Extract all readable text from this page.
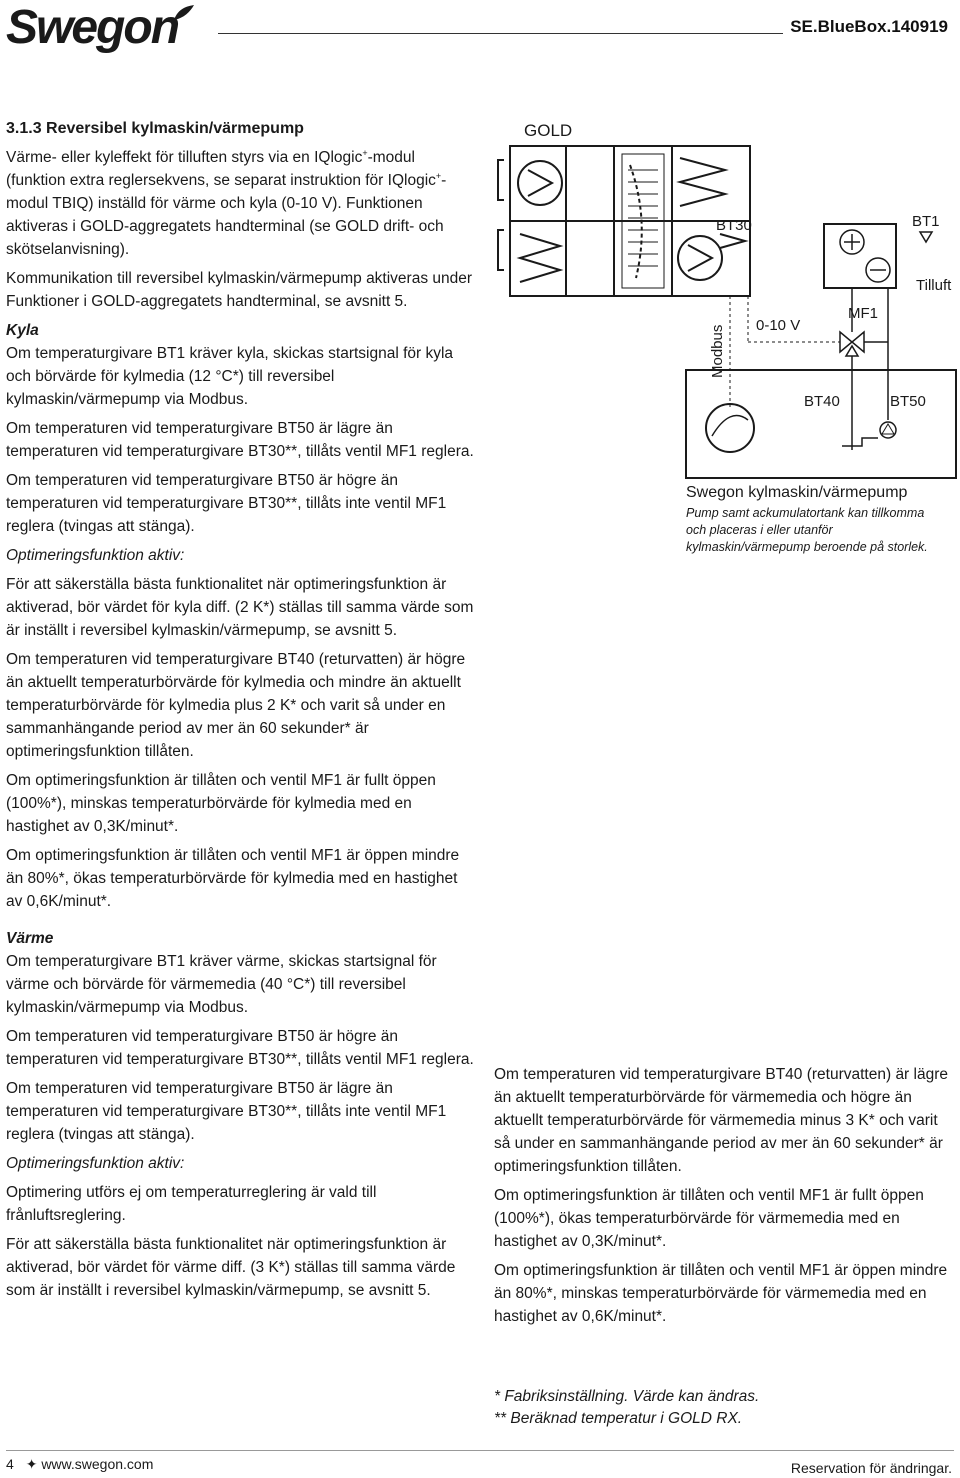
Swegon	SE.BlueBox.140919
3.1.3 Reversibel kylmaskin/värmepump

Värme- eller kyleffekt för tilluften styrs via en IQlogic+-modul (funktion extra reglersekvens, se separat instruktion för IQlogic+-modul TBIQ) inställd för värme och kyla (0-10 V). Funktionen aktiveras i GOLD-aggregatets handterminal (se GOLD drift- och skötselanvisning).

Kommunikation till reversibel kylmaskin/värmepump aktiveras under Funktioner i GOLD-aggregatets handterminal, se avsnitt 5.

Kyla

Om temperaturgivare BT1 kräver kyla, skickas startsignal för kyla och börvärde för kylmedia (12 °C*) till reversibel kylmaskin/värmepump via Modbus.

Om temperaturen vid temperaturgivare BT50 är lägre än temperaturen vid temperaturgivare BT30**, tillåts ventil MF1 reglera.

Om temperaturen vid temperaturgivare BT50 är högre än temperaturen vid temperaturgivare BT30**, tillåts inte ventil MF1 reglera (tvingas att stänga).

Optimeringsfunktion aktiv:

För att säkerställa bästa funktionalitet när optimeringsfunktion är aktiverad, bör värdet för kyla diff. (2 K*) ställas till samma värde som är inställt i reversibel kylmaskin/värmepump, se avsnitt 5.

Om temperaturen vid temperaturgivare BT40 (returvatten) är högre än aktuellt temperaturbörvärde för kylmedia och mindre än aktuellt temperaturbörvärde för kylmedia plus 2 K* och varit så under en sammanhängande period av mer än 60 sekunder* är optimeringsfunktion tillåten.

Om optimeringsfunktion är tillåten och ventil MF1 är fullt öppen (100%*), minskas temperaturbörvärde för kylmedia med en hastighet av 0,3K/minut*.

Om optimeringsfunktion är tillåten och ventil MF1 är öppen mindre än 80%*, ökas temperaturbörvärde för kylmedia med en hastighet av 0,6K/minut*.

Värme

Om temperaturgivare BT1 kräver värme, skickas startsignal för värme och börvärde för värmemedia (40 °C*) till reversibel kylmaskin/värmepump via Modbus.

Om temperaturen vid temperaturgivare BT50 är högre än temperaturen vid temperaturgivare BT30**, tillåts ventil MF1 reglera.

Om temperaturen vid temperaturgivare BT50 är lägre än temperaturen vid temperaturgivare BT30**, tillåts inte ventil MF1 reglera (tvingas att stänga).

Optimeringsfunktion aktiv:

Optimering utförs ej om temperaturreglering är vald till frånluftsreglering.

För att säkerställa bästa funktionalitet när optimeringsfunktion är aktiverad, bör värdet för värme diff. (3 K*) ställas till samma värde som är inställt i reversibel kylmaskin/värmepump, se avsnitt 5.

GOLD
BT30	BT1
Tilluft
Modbus 0-10 V
MF1
BT40	BT50
Swegon kylmaskin/värmepump
Pump samt ackumulatortank kan tillkomma och placeras i eller utanför kylmaskin/värmepump beroende på storlek.

Om temperaturen vid temperaturgivare BT40 (returvatten) är lägre än aktuellt temperaturbörvärde för värmemedia och högre än aktuellt temperaturbörvärde för värmemedia minus 3 K* och varit så under en sammanhängande period av mer än 60 sekunder* är optimeringsfunktion tillåten.

Om optimeringsfunktion är tillåten och ventil MF1 är fullt öppen (100%*), ökas temperaturbörvärde för värmemedia med en hastighet av 0,3K/minut*.

Om optimeringsfunktion är tillåten och ventil MF1 är öppen mindre än 80%*, minskas temperaturbörvärde för värmemedia med en hastighet av 0,6K/minut*.

* Fabriksinställning. Värde kan ändras.
** Beräknad temperatur i GOLD RX.
4 ✦ www.swegon.com	Reservation för ändringar.
